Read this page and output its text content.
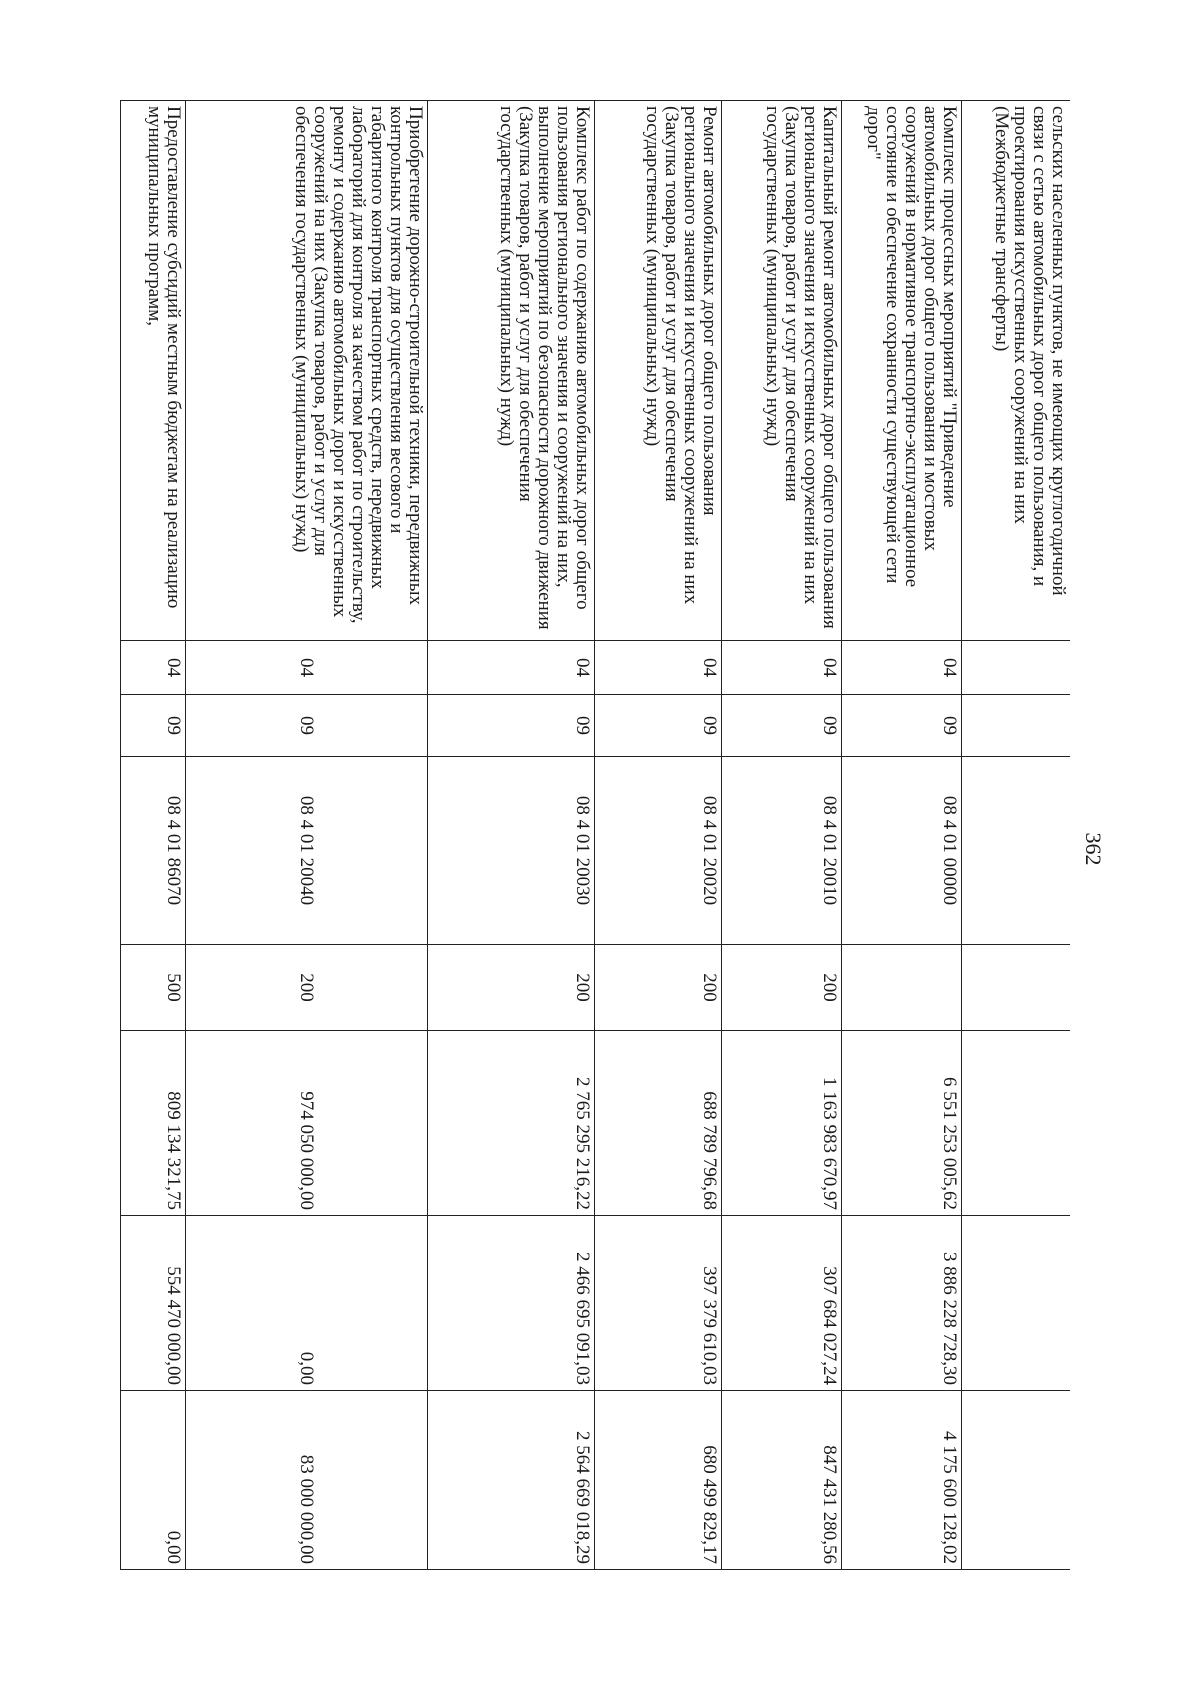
362
сельских населенных пунктов, не имеющих круглогодичной связи с сетью автомобильных дорог общего пользования, и проектирования искусственных сооружений на них (Межбюджетные трансферты)							
Комплекс процессных мероприятий "Приведение автомобильных дорог общего пользования и мостовых сооружений в нормативное транспортно-эксплуатационное состояние и обеспечение сохранности существующей сети дорог"	04	09	08 4 01 00000		6 551 253 005,62	3 886 228 728,30	4 175 600 128,02
Капитальный ремонт автомобильных дорог общего пользования регионального значения и искусственных сооружений на них (Закупка товаров, работ и услуг для обеспечения государственных (муниципальных) нужд)	04	09	08 4 01 20010	200	1 163 983 670,97	307 684 027,24	847 431 280,56
Ремонт автомобильных дорог общего пользования регионального значения и искусственных сооружений на них (Закупка товаров, работ и услуг для обеспечения государственных (муниципальных) нужд)	04	09	08 4 01 20020	200	688 789 796,68	397 379 610,03	680 499 829,17
Комплекс работ по содержанию автомобильных дорог общего пользования регионального значения и сооружений на них, выполнение мероприятий по безопасности дорожного движения (Закупка товаров, работ и услуг для обеспечения государственных (муниципальных) нужд)	04	09	08 4 01 20030	200	2 765 295 216,22	2 466 695 091,03	2 564 669 018,29
Приобретение дорожно-строительной техники, передвижных контрольных пунктов для осуществления весового и габаритного контроля транспортных средств, передвижных лабораторий для контроля за качеством работ по строительству, ремонту и содержанию автомобильных дорог и искусственных сооружений на них (Закупка товаров, работ и услуг для обеспечения государственных (муниципальных) нужд)	04	09	08 4 01 20040	200	974 050 000,00	0,00	83 000 000,00
Предоставление субсидий местным бюджетам на реализацию муниципальных программ,	04	09	08 4 01 86070	500	809 134 321,75	554 470 000,00	0,00
